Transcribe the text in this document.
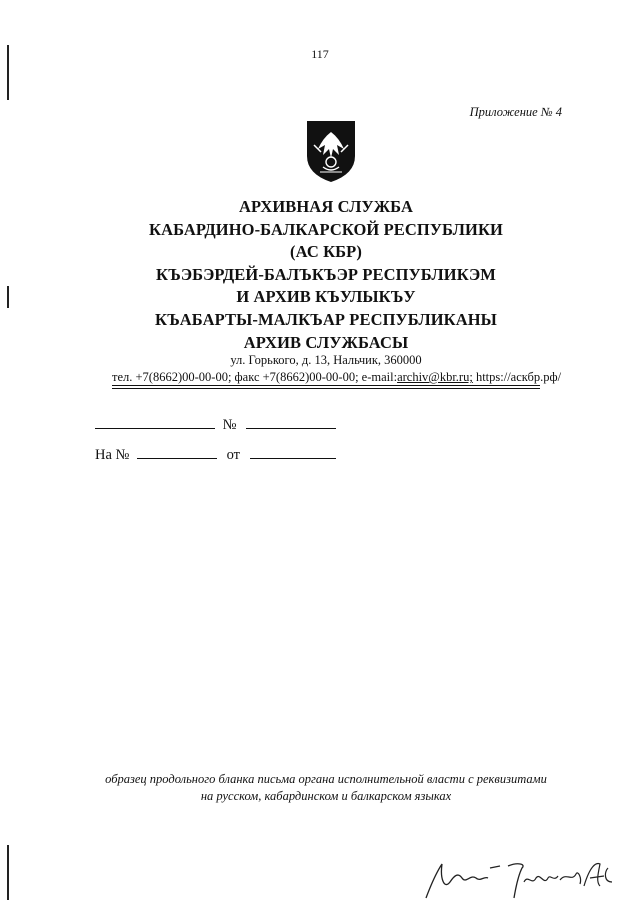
117
Приложение № 4
АРХИВНАЯ СЛУЖБА
КАБАРДИНО-БАЛКАРСКОЙ РЕСПУБЛИКИ
(АС КБР)
КЪЭБЭРДЕЙ-БАЛЪКЪЭР РЕСПУБЛИКЭМ
И АРХИВ КЪУЛЫКЪУ
КЪАБАРТЫ-МАЛКЪАР РЕСПУБЛИКАНЫ
АРХИВ СЛУЖБАСЫ
ул. Горького, д. 13, Нальчик, 360000
тел. +7(8662)00-00-00; факс +7(8662)00-00-00; e-mail:archiv@kbr.ru; https://аскбр.рф/
№
На №	от
образец продольного бланка письма органа исполнительной власти с реквизитами
на русском, кабардинском и балкарском языках
